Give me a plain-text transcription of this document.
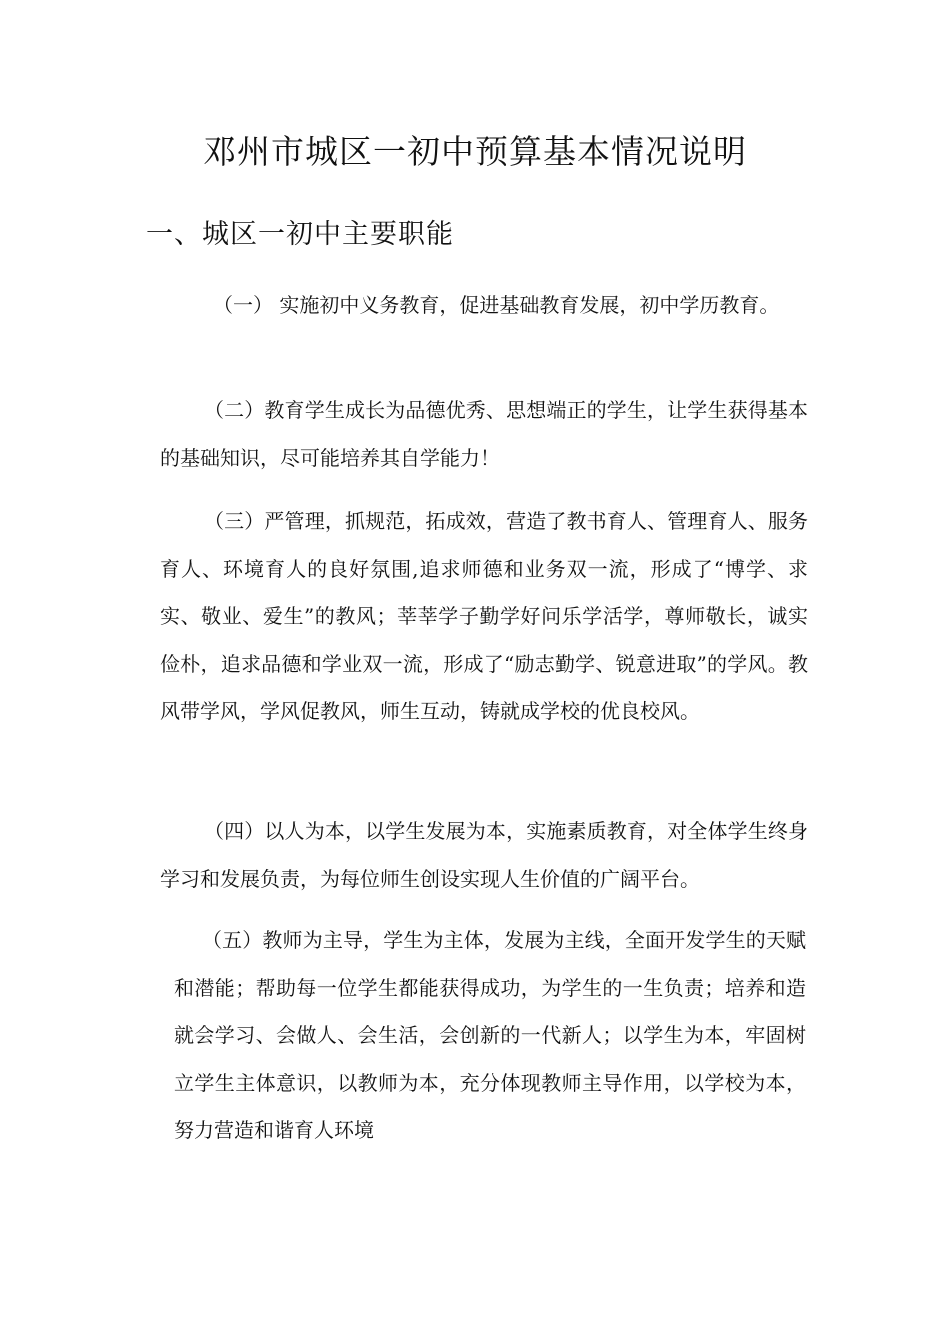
邓州市城区一初中预算基本情况说明
一、城区一初中主要职能

（一） 实施初中义务教育，促进基础教育发展，初中学历教育。

（二）教育学生成长为品德优秀、思想端正的学生，让学生获得基本的基础知识，尽可能培养其自学能力！

（三）严管理，抓规范，拓成效，营造了教书育人、管理育人、服务育人、环境育人的良好氛围,追求师德和业务双一流，形成了“博学、求实、敬业、爱生”的教风；莘莘学子勤学好问乐学活学，尊师敬长，诚实俭朴，追求品德和学业双一流，形成了“励志勤学、锐意进取”的学风。教风带学风，学风促教风，师生互动，铸就成学校的优良校风。

（四）以人为本，以学生发展为本，实施素质教育，对全体学生终身学习和发展负责，为每位师生创设实现人生价值的广阔平台。

（五）教师为主导，学生为主体，发展为主线，全面开发学生的天赋和潜能；帮助每一位学生都能获得成功，为学生的一生负责；培养和造就会学习、会做人、会生活，会创新的一代新人；以学生为本，牢固树立学生主体意识，以教师为本，充分体现教师主导作用，以学校为本，努力营造和谐育人环境
